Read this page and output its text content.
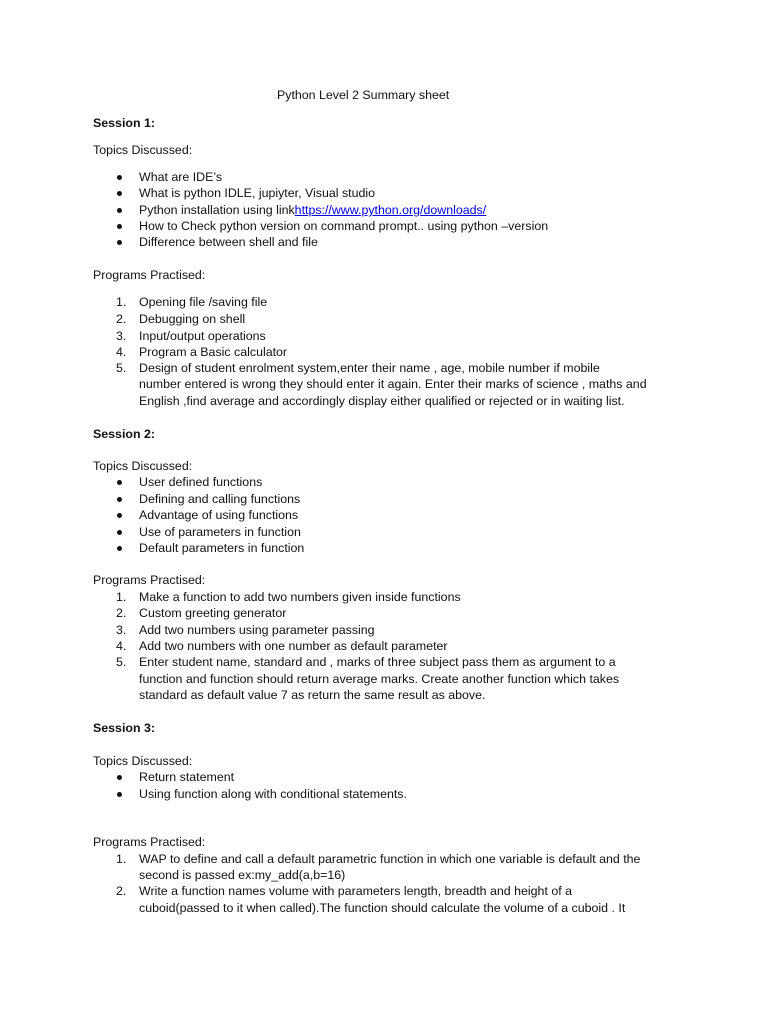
Python Level 2 Summary sheet
Session 1:
Topics Discussed:
What are IDE’s
What is python IDLE, jupiyter, Visual studio
Python installation using linkhttps://www.python.org/downloads/
How to Check python version on command prompt.. using python –version
Difference between shell and file
Programs Practised:
1. Opening file /saving file
2. Debugging on shell
3. Input/output operations
4. Program a Basic calculator
5. Design of student enrolment system,enter their name , age, mobile number if mobile
number entered is wrong they should enter it again. Enter their marks of science , maths and
English ,find average and accordingly display either qualified or rejected or in waiting list.
Session 2:
Topics Discussed:
User defined functions
Defining and calling functions
Advantage of using functions
Use of parameters in function
Default parameters in function
Programs Practised:
1. Make a function to add two numbers given inside functions
2. Custom greeting generator
3. Add two numbers using parameter passing
4. Add two numbers with one number as default parameter
5. Enter student name, standard and , marks of three subject pass them as argument to a
function and function should return average marks. Create another function which takes
standard as default value 7 as return the same result as above.
Session 3:
Topics Discussed:
Return statement
Using function along with conditional statements.
Programs Practised:
1. WAP to define and call a default parametric function in which one variable is default and the
second is passed ex:my_add(a,b=16)
2. Write a function names volume with parameters length, breadth and height of a
cuboid(passed to it when called).The function should calculate the volume of a cuboid . It
